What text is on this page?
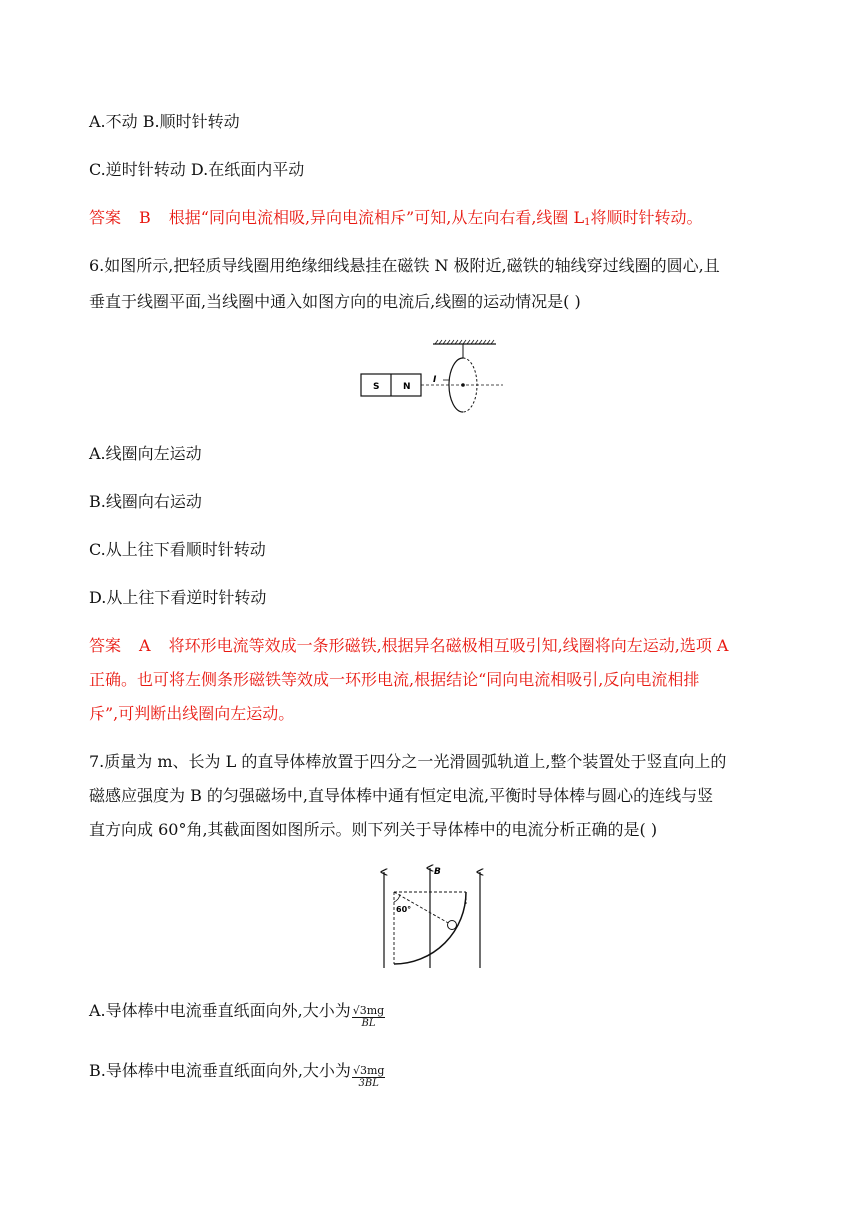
A.不动 B.顺时针转动
C.逆时针转动 D.在纸面内平动
答案 B 根据“同向电流相吸,异向电流相斥”可知,从左向右看,线圈 $L_1$将顺时针转动。
6.如图所示,把轻质导线圈用绝缘细线悬挂在磁铁 N 极附近,磁铁的轴线穿过线圈的圆心,且
垂直于线圈平面,当线圈中通入如图方向的电流后,线圈的运动情况是( )
S	N
I
A.线圈向左运动
B.线圈向右运动
C.从上往下看顺时针转动
D.从上往下看逆时针转动
答案 A 将环形电流等效成一条形磁铁,根据异名磁极相互吸引知,线圈将向左运动,选项 A
正确。也可将左侧条形磁铁等效成一环形电流,根据结论“同向电流相吸引,反向电流相排
斥”,可判断出线圈向左运动。
7.质量为 m、长为 L 的直导体棒放置于四分之一光滑圆弧轨道上,整个装置处于竖直向上的
磁感应强度为 B 的匀强磁场中,直导体棒中通有恒定电流,平衡时导体棒与圆心的连线与竖
直方向成 60°角,其截面图如图所示。则下列关于导体棒中的电流分析正确的是( )
B
60°
A.导体棒中电流垂直纸面向外,大小为 $\frac{√3mg}{BL}$
B.导体棒中电流垂直纸面向外,大小为 $\frac{√3mg}{3BL}$
